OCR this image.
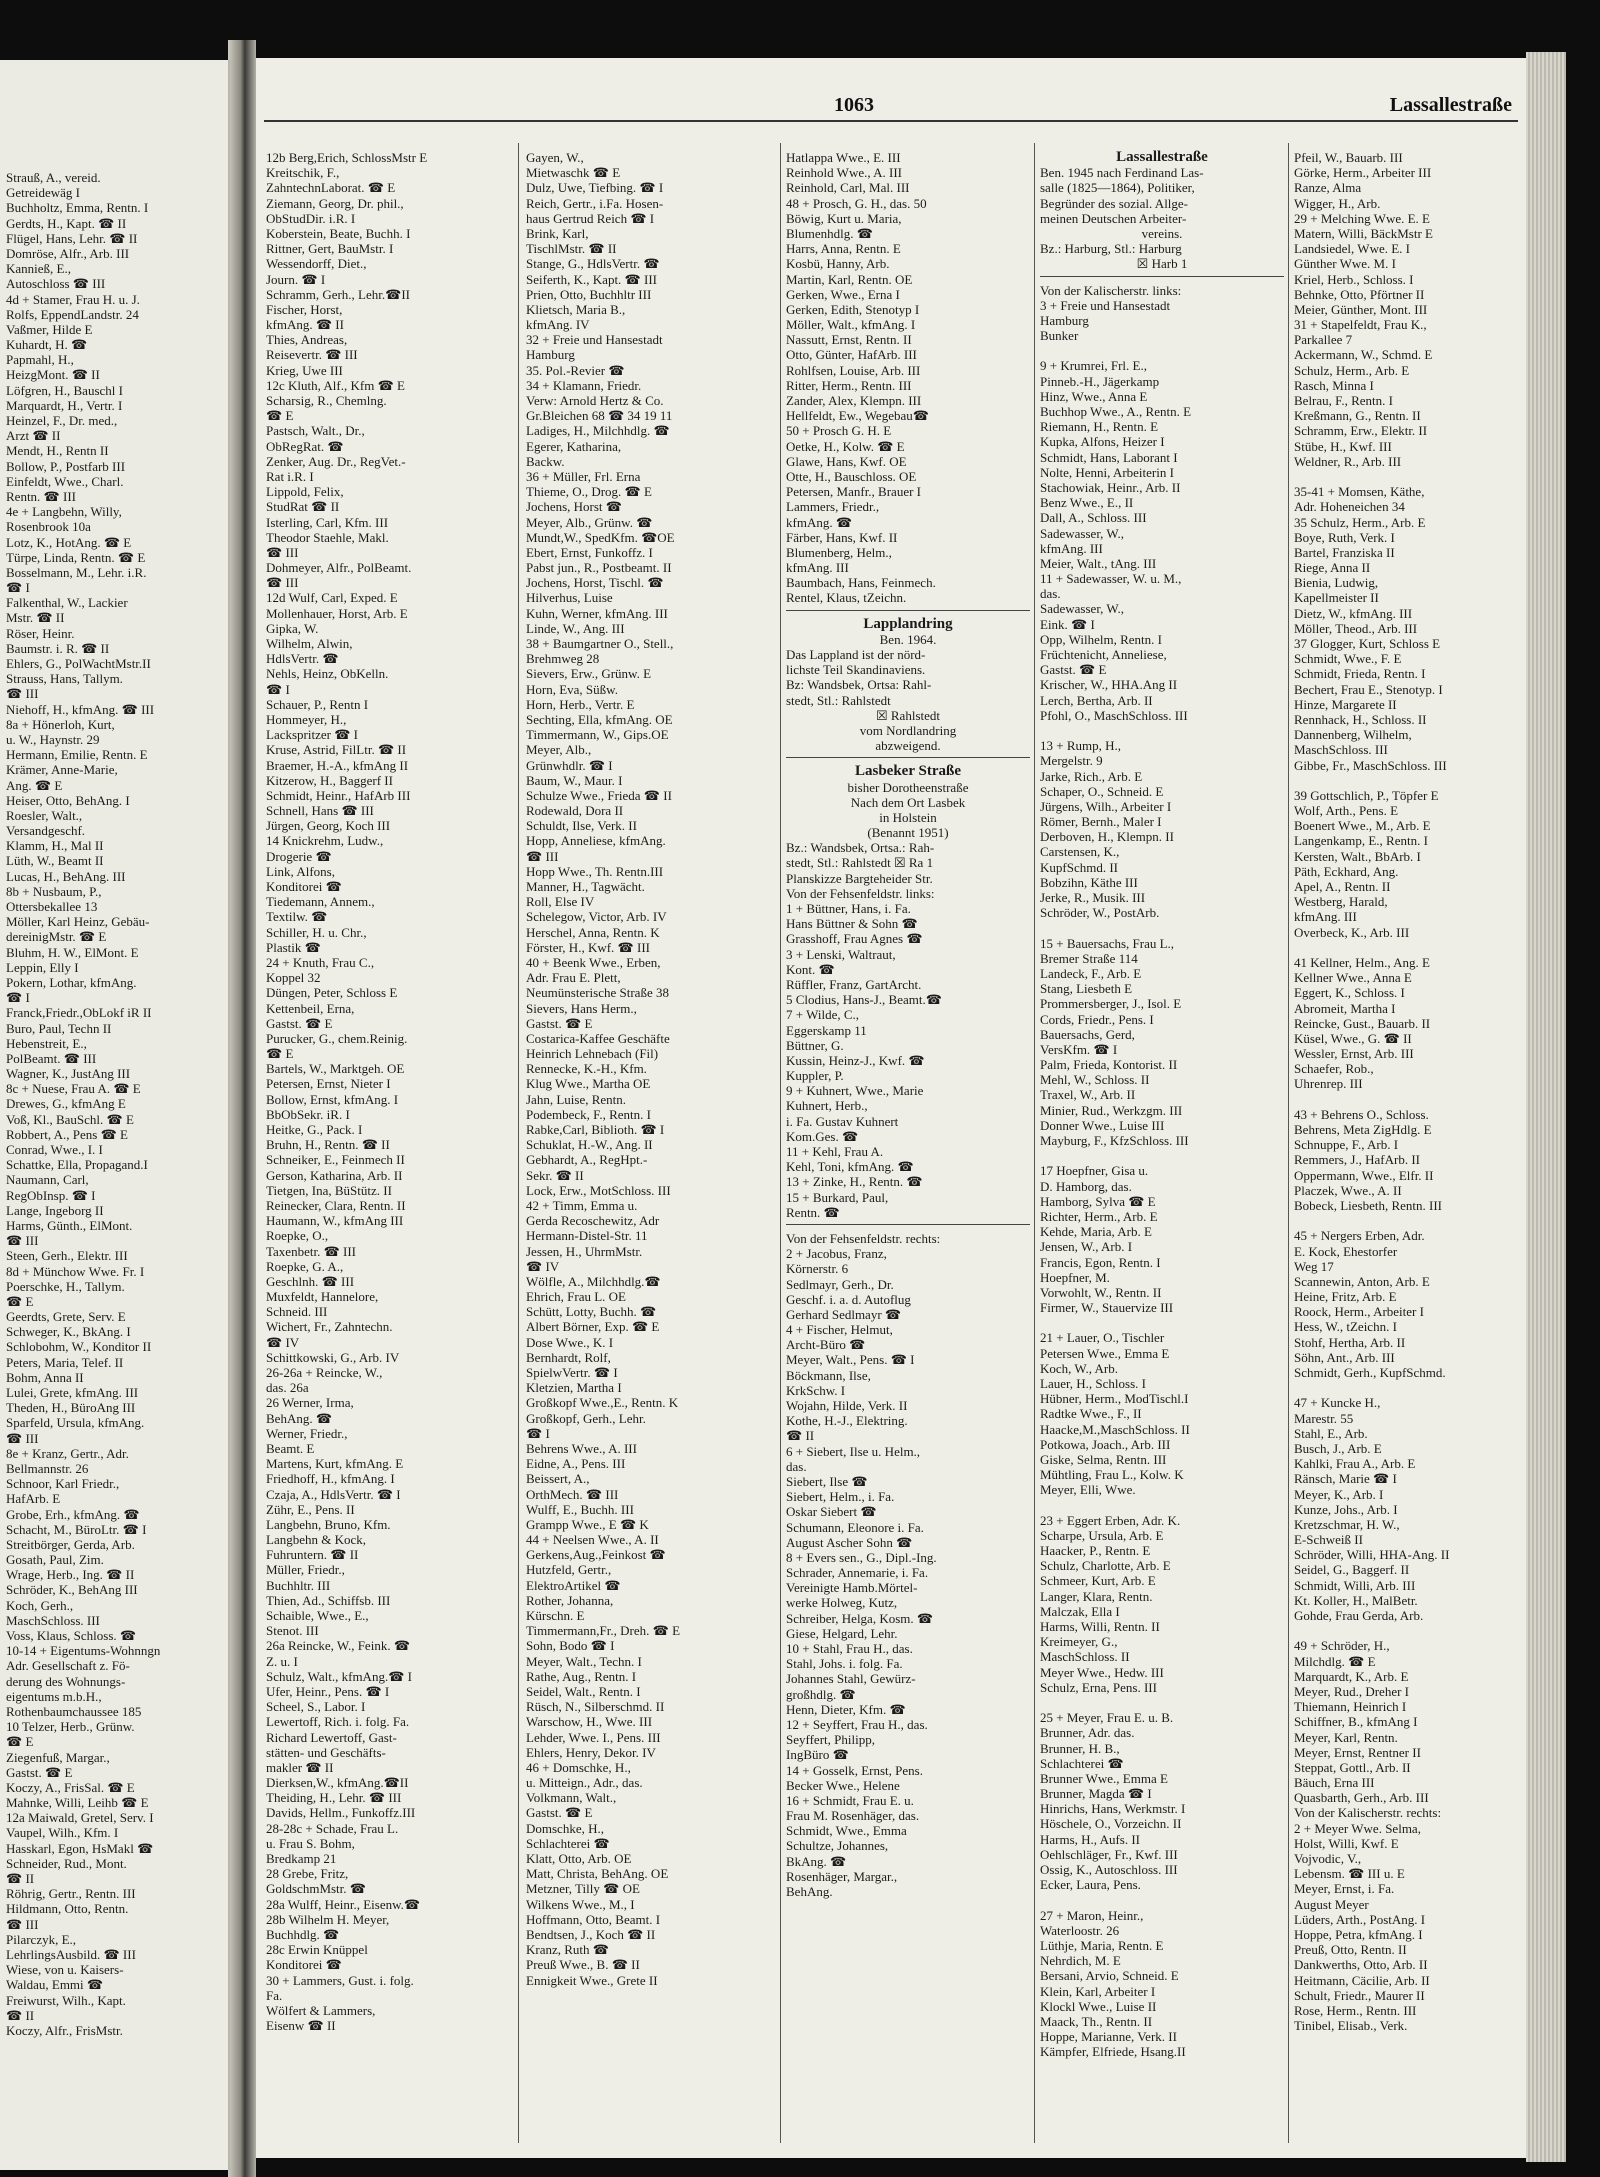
Strauß, A., vereid.
Getreidewäg I
Buchholtz, Emma, Rentn. I
Gerdts, H., Kapt. ☎ II
Flügel, Hans, Lehr. ☎ II
Domröse, Alfr., Arb. III
Kannieß, E.,
Autoschloss ☎ III
4d + Stamer, Frau H. u. J.
Rolfs, EppendLandstr. 24
Vaßmer, Hilde E
Kuhardt, H. ☎
Papmahl, H.,
HeizgMont. ☎ II
Löfgren, H., Bauschl I
Marquardt, H., Vertr. I
Heinzel, F., Dr. med.,
Arzt ☎ II
Mendt, H., Rentn II
Bollow, P., Postfarb III
Einfeldt, Wwe., Charl.
Rentn. ☎ III
4e + Langbehn, Willy,
Rosenbrook 10a
Lotz, K., HotAng. ☎ E
Türpe, Linda, Rentn. ☎ E
Bosselmann, M., Lehr. i.R.
☎ I
Falkenthal, W., Lackier
Mstr. ☎ II
Röser, Heinr.
Baumstr. i. R. ☎ II
Ehlers, G., PolWachtMstr.II
Strauss, Hans, Tallym.
☎ III
Niehoff, H., kfmAng. ☎ III
8a + Hönerloh, Kurt,
u. W., Haynstr. 29
Hermann, Emilie, Rentn. E
Krämer, Anne-Marie,
Ang. ☎ E
Heiser, Otto, BehAng. I
Roesler, Walt.,
Versandgeschf.
Klamm, H., Mal II
Lüth, W., Beamt II
Lucas, H., BehAng. III
8b + Nusbaum, P.,
Ottersbekallee 13
Möller, Karl Heinz, Gebäu-
dereinigMstr. ☎ E
Bluhm, H. W., ElMont. E
Leppin, Elly I
Pokern, Lothar, kfmAng.
☎ I
Franck,Friedr.,ObLokf iR II
Buro, Paul, Techn II
Hebenstreit, E.,
PolBeamt. ☎ III
Wagner, K., JustAng III
8c + Nuese, Frau A. ☎ E
Drewes, G., kfmAng E
Voß, Kl., BauSchl. ☎ E
Robbert, A., Pens ☎ E
Conrad, Wwe., I. I
Schattke, Ella, Propagand.I
Naumann, Carl,
RegObInsp. ☎ I
Lange, Ingeborg II
Harms, Günth., ElMont.
☎ III
Steen, Gerh., Elektr. III
8d + Münchow Wwe. Fr. I
Poerschke, H., Tallym.
☎ E
Geerdts, Grete, Serv. E
Schweger, K., BkAng. I
Schlobohm, W., Konditor II
Peters, Maria, Telef. II
Bohm, Anna II
Lulei, Grete, kfmAng. III
Theden, H., BüroAng III
Sparfeld, Ursula, kfmAng.
☎ III
8e + Kranz, Gertr., Adr.
Bellmannstr. 26
Schnoor, Karl Friedr.,
HafArb. E
Grobe, Erh., kfmAng. ☎
Schacht, M., BüroLtr. ☎ I
Streitbörger, Gerda, Arb.
Gosath, Paul, Zim.
Wrage, Herb., Ing. ☎ II
Schröder, K., BehAng III
Koch, Gerh.,
MaschSchloss. III
Voss, Klaus, Schloss. ☎
10-14 + Eigentums-Wohnngn
Adr. Gesellschaft z. Fö-
derung des Wohnungs-
eigentums m.b.H.,
Rothenbaumchaussee 185
10 Telzer, Herb., Grünw.
☎ E
Ziegenfuß, Margar.,
Gastst. ☎ E
Koczy, A., FrisSal. ☎ E
Mahnke, Willi, Leihb ☎ E
12a Maiwald, Gretel, Serv. I
Vaupel, Wilh., Kfm. I
Hasskarl, Egon, HsMakl ☎
Schneider, Rud., Mont.
☎ II
Röhrig, Gertr., Rentn. III
Hildmann, Otto, Rentn.
☎ III
Pilarczyk, E.,
LehrlingsAusbild. ☎ III
Wiese, von u. Kaisers-
Waldau, Emmi ☎
Freiwurst, Wilh., Kapt.
☎ II
Koczy, Alfr., FrisMstr.
1063	Lassallestraße
12b Berg,Erich, SchlossMstr E
Kreitschik, F.,
ZahntechnLaborat. ☎ E
Ziemann, Georg, Dr. phil.,
ObStudDir. i.R. I
Koberstein, Beate, Buchh. I
Rittner, Gert, BauMstr. I
Wessendorff, Diet.,
Journ. ☎ I
Schramm, Gerh., Lehr.☎II
Fischer, Horst,
kfmAng. ☎ II
Thies, Andreas,
Reisevertr. ☎ III
Krieg, Uwe III
12c Kluth, Alf., Kfm ☎ E
Scharsig, R., Chemlng.
☎ E
Pastsch, Walt., Dr.,
ObRegRat. ☎
Zenker, Aug. Dr., RegVet.-
Rat i.R. I
Lippold, Felix,
StudRat ☎ II
Isterling, Carl, Kfm. III
Theodor Staehle, Makl.
☎ III
Dohmeyer, Alfr., PolBeamt.
☎ III
12d Wulf, Carl, Exped. E
Mollenhauer, Horst, Arb. E
Gipka, W.
Wilhelm, Alwin,
HdlsVertr. ☎
Nehls, Heinz, ObKelln.
☎ I
Schauer, P., Rentn I
Hommeyer, H.,
Lackspritzer ☎ I
Kruse, Astrid, FilLtr. ☎ II
Braemer, H.-A., kfmAng II
Kitzerow, H., Baggerf II
Schmidt, Heinr., HafArb III
Schnell, Hans ☎ III
Jürgen, Georg, Koch III
14 Knickrehm, Ludw.,
Drogerie ☎
Link, Alfons,
Konditorei ☎
Tiedemann, Annem.,
Textilw. ☎
Schiller, H. u. Chr.,
Plastik ☎
24 + Knuth, Frau C.,
Koppel 32
Düngen, Peter, Schloss E
Kettenbeil, Erna,
Gastst. ☎ E
Purucker, G., chem.Reinig.
☎ E
Bartels, W., Marktgeh. OE
Petersen, Ernst, Nieter I
Bollow, Ernst, kfmAng. I
BbObSekr. iR. I
Heitke, G., Pack. I
Bruhn, H., Rentn. ☎ II
Schneiker, E., Feinmech II
Gerson, Katharina, Arb. II
Tietgen, Ina, BüStütz. II
Reinecker, Clara, Rentn. II
Haumann, W., kfmAng III
Roepke, O.,
Taxenbetr. ☎ III
Roepke, G. A.,
Geschlnh. ☎ III
Muxfeldt, Hannelore,
Schneid. III
Wichert, Fr., Zahntechn.
☎ IV
Schittkowski, G., Arb. IV
26-26a + Reincke, W.,
das. 26a
26 Werner, Irma,
BehAng. ☎
Werner, Friedr.,
Beamt. E
Martens, Kurt, kfmAng. E
Friedhoff, H., kfmAng. I
Czaja, A., HdlsVertr. ☎ I
Zühr, E., Pens. II
Langbehn, Bruno, Kfm.
Langbehn & Kock,
Fuhruntern. ☎ II
Müller, Friedr.,
Buchhltr. III
Thien, Ad., Schiffsb. III
Schaible, Wwe., E.,
Stenot. III
26a Reincke, W., Feink. ☎
Z. u. I
Schulz, Walt., kfmAng.☎ I
Ufer, Heinr., Pens. ☎ I
Scheel, S., Labor. I
Lewertoff, Rich. i. folg. Fa.
Richard Lewertoff, Gast-
stätten- und Geschäfts-
makler ☎ II
Dierksen,W., kfmAng.☎II
Theiding, H., Lehr. ☎ III
Davids, Hellm., Funkoffz.III
28-28c + Schade, Frau L.
u. Frau S. Bohm,
Bredkamp 21
28 Grebe, Fritz,
GoldschmMstr. ☎
28a Wulff, Heinr., Eisenw.☎
28b Wilhelm H. Meyer,
Buchhdlg. ☎
28c Erwin Knüppel
Konditorei ☎
30 + Lammers, Gust. i. folg.
Fa.
Wölfert & Lammers,
Eisenw ☎ II
Gayen, W.,
Mietwaschk ☎ E
Dulz, Uwe, Tiefbing. ☎ I
Reich, Gertr., i.Fa. Hosen-
haus Gertrud Reich ☎ I
Brink, Karl,
TischlMstr. ☎ II
Stange, G., HdlsVertr. ☎
Seiferth, K., Kapt. ☎ III
Prien, Otto, Buchhltr III
Klietsch, Maria B.,
kfmAng. IV
32 + Freie und Hansestadt
Hamburg
35. Pol.-Revier ☎
34 + Klamann, Friedr.
Verw: Arnold Hertz & Co.
Gr.Bleichen 68 ☎ 34 19 11
Ladiges, H., Milchhdlg. ☎
Egerer, Katharina,
Backw.
36 + Müller, Frl. Erna
Thieme, O., Drog. ☎ E
Jochens, Horst ☎
Meyer, Alb., Grünw. ☎
Mundt,W., SpedKfm. ☎OE
Ebert, Ernst, Funkoffz. I
Pabst jun., R., Postbeamt. II
Jochens, Horst, Tischl. ☎
Hilverhus, Luise
Kuhn, Werner, kfmAng. III
Linde, W., Ang. III
38 + Baumgartner O., Stell.,
Brehmweg 28
Sievers, Erw., Grünw. E
Horn, Eva, Süßw.
Horn, Herb., Vertr. E
Sechting, Ella, kfmAng. OE
Timmermann, W., Gips.OE
Meyer, Alb.,
Grünwhdlr. ☎ I
Baum, W., Maur. I
Schulze Wwe., Frieda ☎ II
Rodewald, Dora II
Schuldt, Ilse, Verk. II
Hopp, Anneliese, kfmAng.
☎ III
Hopp Wwe., Th. Rentn.III
Manner, H., Tagwächt.
Roll, Else IV
Schelegow, Victor, Arb. IV
Herschel, Anna, Rentn. K
Förster, H., Kwf. ☎ III
40 + Beenk Wwe., Erben,
Adr. Frau E. Plett,
Neumünsterische Straße 38
Sievers, Hans Herm.,
Gastst. ☎ E
Costarica-Kaffee Geschäfte
Heinrich Lehnebach (Fil)
Rennecke, K.-H., Kfm.
Klug Wwe., Martha OE
Jahn, Luise, Rentn.
Podembeck, F., Rentn. I
Rabke,Carl, Biblioth. ☎ I
Schuklat, H.-W., Ang. II
Gebhardt, A., RegHpt.-
Sekr. ☎ II
Lock, Erw., MotSchloss. III
42 + Timm, Emma u.
Gerda Recoschewitz, Adr
Hermann-Distel-Str. 11
Jessen, H., UhrmMstr.
☎ IV
Wölfle, A., Milchhdlg.☎
Ehrich, Frau L. OE
Schütt, Lotty, Buchh. ☎
Albert Börner, Exp. ☎ E
Dose Wwe., K. I
Bernhardt, Rolf,
SpielwVertr. ☎ I
Kletzien, Martha I
Großkopf Wwe.,E., Rentn. K
Großkopf, Gerh., Lehr.
☎ I
Behrens Wwe., A. III
Eidne, A., Pens. III
Beissert, A.,
OrthMech. ☎ III
Wulff, E., Buchh. III
Grampp Wwe., E ☎ K
44 + Neelsen Wwe., A. II
Gerkens,Aug.,Feinkost ☎
Hutzfeld, Gertr.,
ElektroArtikel ☎
Rother, Johanna,
Kürschn. E
Timmermann,Fr., Dreh. ☎ E
Sohn, Bodo ☎ I
Meyer, Walt., Techn. I
Rathe, Aug., Rentn. I
Seidel, Walt., Rentn. I
Rüsch, N., Silberschmd. II
Warschow, H., Wwe. III
Lehder, Wwe. I., Pens. III
Ehlers, Henry, Dekor. IV
46 + Domschke, H.,
u. Mitteign., Adr., das.
Volkmann, Walt.,
Gastst. ☎ E
Domschke, H.,
Schlachterei ☎
Klatt, Otto, Arb. OE
Matt, Christa, BehAng. OE
Metzner, Tilly ☎ OE
Wilkens Wwe., M., I
Hoffmann, Otto, Beamt. I
Bendtsen, J., Koch ☎ II
Kranz, Ruth ☎
Preuß Wwe., B. ☎ II
Ennigkeit Wwe., Grete II
Hatlappa Wwe., E. III
Reinhold Wwe., A. III
Reinhold, Carl, Mal. III
48 + Prosch, G. H., das. 50
Böwig, Kurt u. Maria,
Blumenhdlg. ☎
Harrs, Anna, Rentn. E
Kosbü, Hanny, Arb.
Martin, Karl, Rentn. OE
Gerken, Wwe., Erna I
Gerken, Edith, Stenotyp I
Möller, Walt., kfmAng. I
Nassutt, Ernst, Rentn. II
Otto, Günter, HafArb. III
Rohlfsen, Louise, Arb. III
Ritter, Herm., Rentn. III
Zander, Alex, Klempn. III
Hellfeldt, Ew., Wegebau☎
50 + Prosch G. H. E
Oetke, H., Kolw. ☎ E
Glawe, Hans, Kwf. OE
Otte, H., Bauschloss. OE
Petersen, Manfr., Brauer I
Lammers, Friedr.,
kfmAng. ☎
Färber, Hans, Kwf. II
Blumenberg, Helm.,
kfmAng. III
Baumbach, Hans, Feinmech.
Rentel, Klaus, tZeichn.
Lapplandring
Ben. 1964.
Das Lappland ist der nörd-
lichste Teil Skandinaviens.
Bz: Wandsbek, Ortsa: Rahl-
stedt, Stl.: Rahlstedt
☒ Rahlstedt
vom Nordlandring
abzweigend.
Lasbeker Straße
bisher Dorotheenstraße
Nach dem Ort Lasbek
in Holstein
(Benannt 1951)
Bz.: Wandsbek, Ortsa.: Rah-
stedt, Stl.: Rahlstedt ☒ Ra 1
Planskizze Bargteheider Str.
Von der Fehsenfeldstr. links:
1 + Büttner, Hans, i. Fa.
Hans Büttner & Sohn ☎
Grasshoff, Frau Agnes ☎
3 + Lenski, Waltraut,
Kont. ☎
Rüffler, Franz, GartArcht.
5 Clodius, Hans-J., Beamt.☎
7 + Wilde, C.,
Eggerskamp 11
Büttner, G.
Kussin, Heinz-J., Kwf. ☎
Kuppler, P.
9 + Kuhnert, Wwe., Marie
Kuhnert, Herb.,
i. Fa. Gustav Kuhnert
Kom.Ges. ☎
11 + Kehl, Frau A.
Kehl, Toni, kfmAng. ☎
13 + Zinke, H., Rentn. ☎
15 + Burkard, Paul,
Rentn. ☎
Von der Fehsenfeldstr. rechts:
2 + Jacobus, Franz,
Körnerstr. 6
Sedlmayr, Gerh., Dr.
Geschf. i. a. d. Autoflug
Gerhard Sedlmayr ☎
4 + Fischer, Helmut,
Archt-Büro ☎
Meyer, Walt., Pens. ☎ I
Böckmann, Ilse,
KrkSchw. I
Wojahn, Hilde, Verk. II
Kothe, H.-J., Elektring.
☎ II
6 + Siebert, Ilse u. Helm.,
das.
Siebert, Ilse ☎
Siebert, Helm., i. Fa.
Oskar Siebert ☎
Schumann, Eleonore i. Fa.
August Ascher Sohn ☎
8 + Evers sen., G., Dipl.-Ing.
Schrader, Annemarie, i. Fa.
Vereinigte Hamb.Mörtel-
werke Holweg, Kutz,
Schreiber, Helga, Kosm. ☎
Giese, Helgard, Lehr.
10 + Stahl, Frau H., das.
Stahl, Johs. i. folg. Fa.
Johannes Stahl, Gewürz-
großhdlg. ☎
Henn, Dieter, Kfm. ☎
12 + Seyffert, Frau H., das.
Seyffert, Philipp,
IngBüro ☎
14 + Gosselk, Ernst, Pens.
Becker Wwe., Helene
16 + Schmidt, Frau E. u.
Frau M. Rosenhäger, das.
Schmidt, Wwe., Emma
Schultze, Johannes,
BkAng. ☎
Rosenhäger, Margar.,
BehAng.
Lassallestraße
Ben. 1945 nach Ferdinand Las-
salle (1825—1864), Politiker,
Begründer des sozial. Allge-
meinen Deutschen Arbeiter-
vereins.
Bz.: Harburg, Stl.: Harburg
☒ Harb 1
Von der Kalischerstr. links:
3 + Freie und Hansestadt
Hamburg
Bunker
9 + Krumrei, Frl. E.,
Pinneb.-H., Jägerkamp
Hinz, Wwe., Anna E
Buchhop Wwe., A., Rentn. E
Riemann, H., Rentn. E
Kupka, Alfons, Heizer I
Schmidt, Hans, Laborant I
Nolte, Henni, Arbeiterin I
Stachowiak, Heinr., Arb. II
Benz Wwe., E., II
Dall, A., Schloss. III
Sadewasser, W.,
kfmAng. III
Meier, Walt., tAng. III
11 + Sadewasser, W. u. M.,
das.
Sadewasser, W.,
Eink. ☎ I
Opp, Wilhelm, Rentn. I
Früchtenicht, Anneliese,
Gastst. ☎ E
Krischer, W., HHA.Ang II
Lerch, Bertha, Arb. II
Pfohl, O., MaschSchloss. III
13 + Rump, H.,
Mergelstr. 9
Jarke, Rich., Arb. E
Schaper, O., Schneid. E
Jürgens, Wilh., Arbeiter I
Römer, Bernh., Maler I
Derboven, H., Klempn. II
Carstensen, K.,
KupfSchmd. II
Bobzihn, Käthe III
Jerke, R., Musik. III
Schröder, W., PostArb.
15 + Bauersachs, Frau L.,
Bremer Straße 114
Landeck, F., Arb. E
Stang, Liesbeth E
Prommersberger, J., Isol. E
Cords, Friedr., Pens. I
Bauersachs, Gerd,
VersKfm. ☎ I
Palm, Frieda, Kontorist. II
Mehl, W., Schloss. II
Traxel, W., Arb. II
Minier, Rud., Werkzgm. III
Donner Wwe., Luise III
Mayburg, F., KfzSchloss. III
17 Hoepfner, Gisa u.
D. Hamborg, das.
Hamborg, Sylva ☎ E
Richter, Herm., Arb. E
Kehde, Maria, Arb. E
Jensen, W., Arb. I
Francis, Egon, Rentn. I
Hoepfner, M.
Vorwohlt, W., Rentn. II
Firmer, W., Stauervize III
21 + Lauer, O., Tischler
Petersen Wwe., Emma E
Koch, W., Arb.
Lauer, H., Schloss. I
Hübner, Herm., ModTischl.I
Radtke Wwe., F., II
Haacke,M.,MaschSchloss. II
Potkowa, Joach., Arb. III
Giske, Selma, Rentn. III
Mühtling, Frau L., Kolw. K
Meyer, Elli, Wwe.
23 + Eggert Erben, Adr. K.
Scharpe, Ursula, Arb. E
Haacker, P., Rentn. E
Schulz, Charlotte, Arb. E
Schmeer, Kurt, Arb. E
Langer, Klara, Rentn.
Malczak, Ella I
Harms, Willi, Rentn. II
Kreimeyer, G.,
MaschSchloss. II
Meyer Wwe., Hedw. III
Schulz, Erna, Pens. III
25 + Meyer, Frau E. u. B.
Brunner, Adr. das.
Brunner, H. B.,
Schlachterei ☎
Brunner Wwe., Emma E
Brunner, Magda ☎ I
Hinrichs, Hans, Werkmstr. I
Höschele, O., Vorzeichn. II
Harms, H., Aufs. II
Oehlschläger, Fr., Kwf. III
Ossig, K., Autoschloss. III
Ecker, Laura, Pens.
27 + Maron, Heinr.,
Waterloostr. 26
Lüthje, Maria, Rentn. E
Nehrdich, M. E
Bersani, Arvio, Schneid. E
Klein, Karl, Arbeiter I
Klockl Wwe., Luise II
Maack, Th., Rentn. II
Hoppe, Marianne, Verk. II
Kämpfer, Elfriede, Hsang.II
Pfeil, W., Bauarb. III
Görke, Herm., Arbeiter III
Ranze, Alma
Wigger, H., Arb.
29 + Melching Wwe. E. E
Matern, Willi, BäckMstr E
Landsiedel, Wwe. E. I
Günther Wwe. M. I
Kriel, Herb., Schloss. I
Behnke, Otto, Pförtner II
Meier, Günther, Mont. III
31 + Stapelfeldt, Frau K.,
Parkallee 7
Ackermann, W., Schmd. E
Schulz, Herm., Arb. E
Rasch, Minna I
Belrau, F., Rentn. I
Kreßmann, G., Rentn. II
Schramm, Erw., Elektr. II
Stübe, H., Kwf. III
Weldner, R., Arb. III
35-41 + Momsen, Käthe,
Adr. Hoheneichen 34
35 Schulz, Herm., Arb. E
Boye, Ruth, Verk. I
Bartel, Franziska II
Riege, Anna II
Bienia, Ludwig,
Kapellmeister II
Dietz, W., kfmAng. III
Möller, Theod., Arb. III
37 Glogger, Kurt, Schloss E
Schmidt, Wwe., F. E
Schmidt, Frieda, Rentn. I
Bechert, Frau E., Stenotyp. I
Hinze, Margarete II
Rennhack, H., Schloss. II
Dannenberg, Wilhelm,
MaschSchloss. III
Gibbe, Fr., MaschSchloss. III
39 Gottschlich, P., Töpfer E
Wolf, Arth., Pens. E
Boenert Wwe., M., Arb. E
Langenkamp, E., Rentn. I
Kersten, Walt., BbArb. I
Päth, Eckhard, Ang.
Apel, A., Rentn. II
Westberg, Harald,
kfmAng. III
Overbeck, K., Arb. III
41 Kellner, Helm., Ang. E
Kellner Wwe., Anna E
Eggert, K., Schloss. I
Abromeit, Martha I
Reincke, Gust., Bauarb. II
Küsel, Wwe., G. ☎ II
Wessler, Ernst, Arb. III
Schaefer, Rob.,
Uhrenrep. III
43 + Behrens O., Schloss.
Behrens, Meta ZigHdlg. E
Schnuppe, F., Arb. I
Remmers, J., HafArb. II
Oppermann, Wwe., Elfr. II
Placzek, Wwe., A. II
Bobeck, Liesbeth, Rentn. III
45 + Nergers Erben, Adr.
E. Kock, Ehestorfer
Weg 17
Scannewin, Anton, Arb. E
Heine, Fritz, Arb. E
Roock, Herm., Arbeiter I
Hess, W., tZeichn. I
Stohf, Hertha, Arb. II
Söhn, Ant., Arb. III
Schmidt, Gerh., KupfSchmd.
47 + Kuncke H.,
Marestr. 55
Stahl, E., Arb.
Busch, J., Arb. E
Kahlki, Frau A., Arb. E
Ränsch, Marie ☎ I
Meyer, K., Arb. I
Kunze, Johs., Arb. I
Kretzschmar, H. W.,
E-Schweiß II
Schröder, Willi, HHA-Ang. II
Seidel, G., Baggerf. II
Schmidt, Willi, Arb. III
Kt. Koller, H., MalBetr.
Gohde, Frau Gerda, Arb.
49 + Schröder, H.,
Milchdlg. ☎ E
Marquardt, K., Arb. E
Meyer, Rud., Dreher I
Thiemann, Heinrich I
Schiffner, B., kfmAng I
Meyer, Karl, Rentn.
Meyer, Ernst, Rentner II
Steppat, Gottl., Arb. II
Bäuch, Erna III
Quasbarth, Gerh., Arb. III
Von der Kalischerstr. rechts:
2 + Meyer Wwe. Selma,
Holst, Willi, Kwf. E
Vojvodic, V.,
Lebensm. ☎ III u. E
Meyer, Ernst, i. Fa.
August Meyer
Lüders, Arth., PostAng. I
Hoppe, Petra, kfmAng. I
Preuß, Otto, Rentn. II
Dankwerths, Otto, Arb. II
Heitmann, Cäcilie, Arb. II
Schult, Friedr., Maurer II
Rose, Herm., Rentn. III
Tinibel, Elisab., Verk.
